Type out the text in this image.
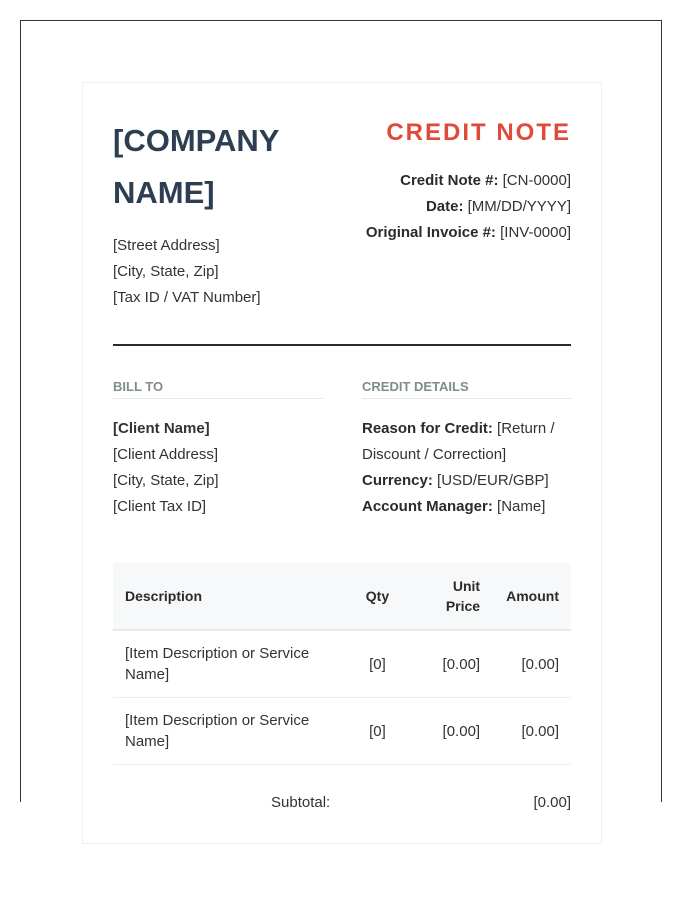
[COMPANY NAME]
[Street Address]
[City, State, Zip]
[Tax ID / VAT Number]
CREDIT NOTE
Credit Note #: [CN-0000]
Date: [MM/DD/YYYY]
Original Invoice #: [INV-0000]
BILL TO	CREDIT DETAILS
[Client Name]
[Client Address]
[City, State, Zip]
[Client Tax ID]
Reason for Credit: [Return / Discount / Correction]
Currency: [USD/EUR/GBP]
Account Manager: [Name]
Description	Qty	Unit Price	Amount
[Item Description or Service Name]	[0]	[0.00]	[0.00]
[Item Description or Service Name]	[0]	[0.00]	[0.00]
Subtotal:	[0.00]
